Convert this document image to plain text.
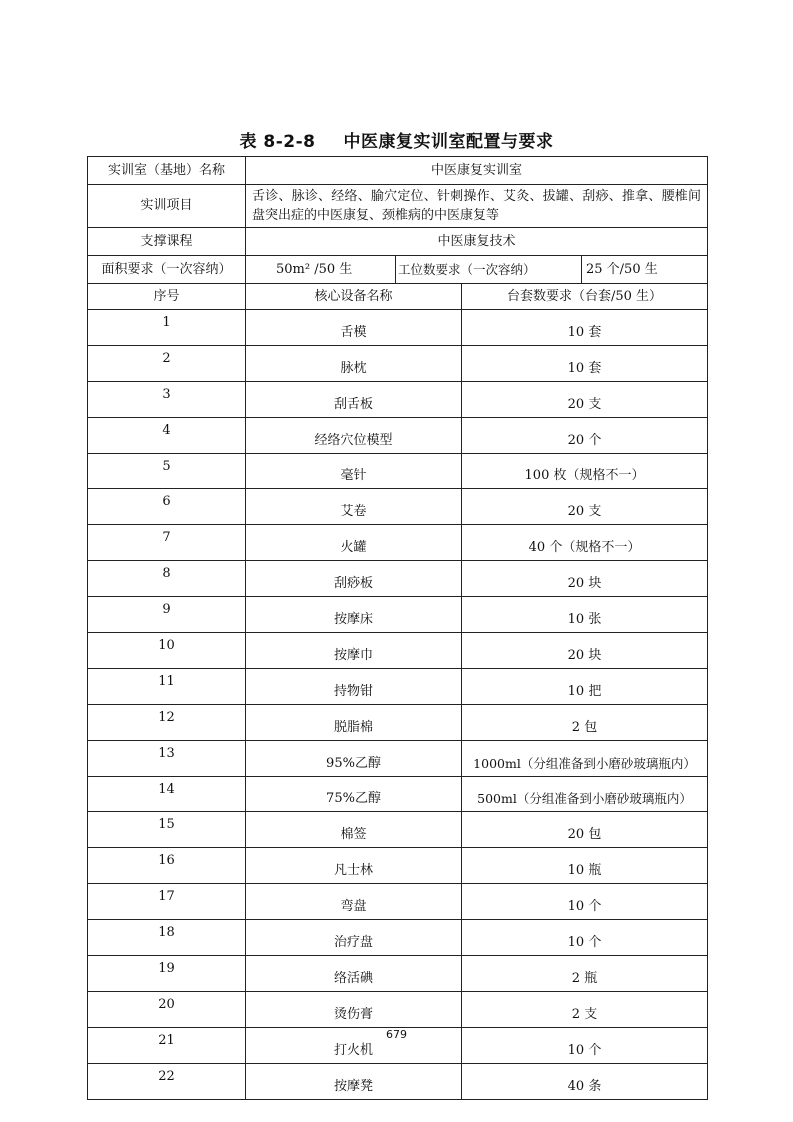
表 8-2-8 中医康复实训室配置与要求
实训室（基地）名称	中医康复实训室			
实训项目	舌诊、脉诊、经络、腧穴定位、针刺操作、艾灸、拔罐、刮痧、推拿、腰椎间盘突出症的中医康复、颈椎病的中医康复等			
支撑课程	中医康复技术			
面积要求（一次容纳）	50m² /50 生	工位数要求（一次容纳）		25 个/50 生
序号	核心设备名称		台套数要求（台套/50 生）	
1	舌模		10 套	
2	脉枕		10 套	
3	刮舌板		20 支	
4	经络穴位模型		20 个	
5	毫针		100 枚（规格不一）	
6	艾卷		20 支	
7	火罐		40 个（规格不一）	
8	刮痧板		20 块	
9	按摩床		10 张	
10	按摩巾		20 块	
11	持物钳		10 把	
12	脱脂棉		2 包	
13	95%乙醇		1000ml（分组准备到小磨砂玻璃瓶内）	
14	75%乙醇		500ml（分组准备到小磨砂玻璃瓶内）	
15	棉签		20 包	
16	凡士林		10 瓶	
17	弯盘		10 个	
18	治疗盘		10 个	
19	络活碘		2 瓶	
20	烫伤膏		2 支	
21	打火机		10 个	
22	按摩凳		40 条	
679
